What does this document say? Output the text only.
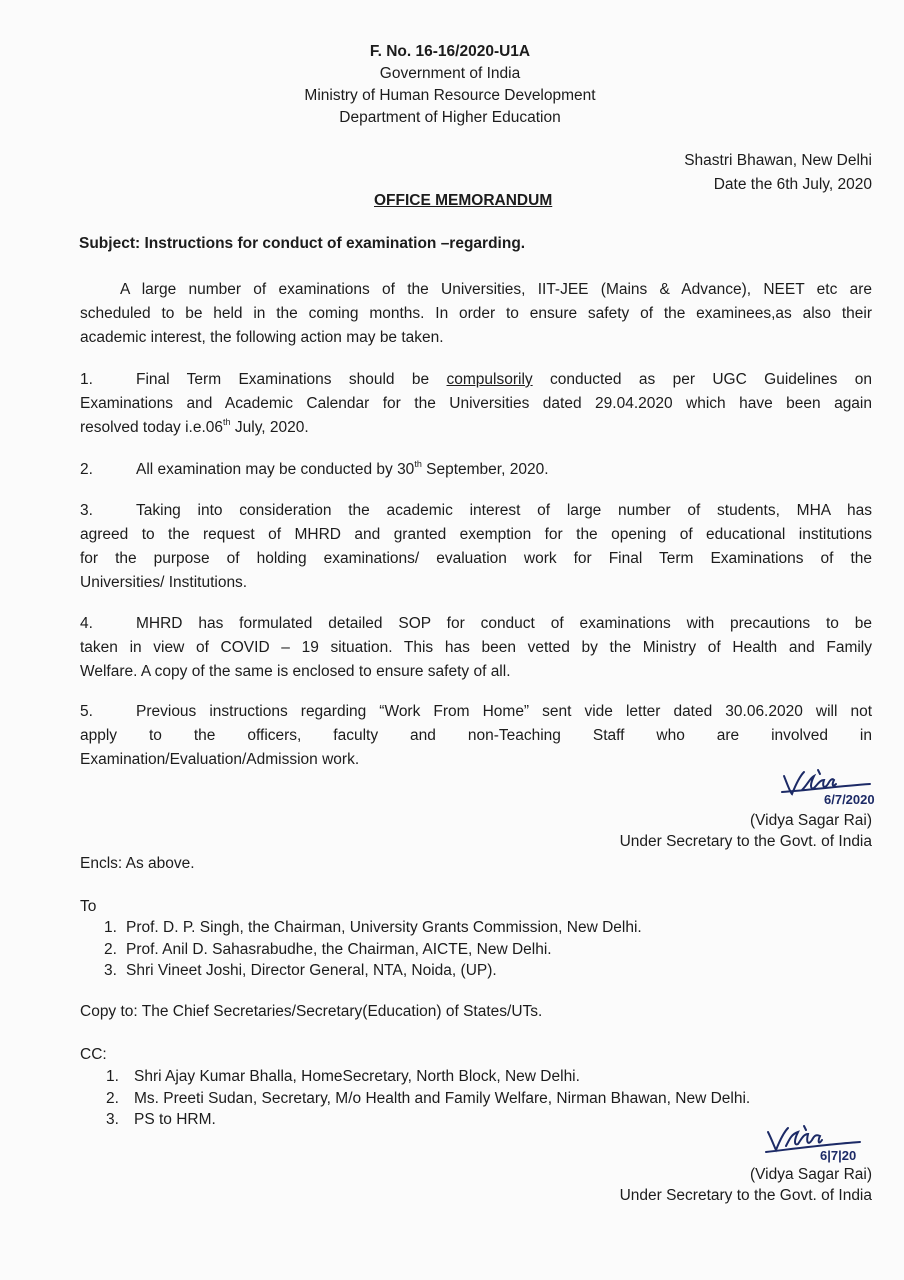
F. No. 16-16/2020-U1A
Government of India
Ministry of Human Resource Development
Department of Higher Education
Shastri Bhawan, New Delhi
Date the 6th July, 2020
OFFICE MEMORANDUM
Subject: Instructions for conduct of examination –regarding.
A large number of examinations of the Universities, IIT-JEE (Mains & Advance), NEET etc are
scheduled to be held in the coming months. In order to ensure safety of the examinees,as also their
academic interest, the following action may be taken.
1.	Final Term Examinations should be compulsorily conducted as per UGC Guidelines on
Examinations and Academic Calendar for the Universities dated 29.04.2020 which have been again
resolved today i.e.06th July, 2020.
2.	All examination may be conducted by 30th September, 2020.
3.	Taking into consideration the academic interest of large number of students, MHA has
agreed to the request of MHRD and granted exemption for the opening of educational institutions
for the purpose of holding examinations/ evaluation work for Final Term Examinations of the
Universities/ Institutions.
4.	MHRD has formulated detailed SOP for conduct of examinations with precautions to be
taken in view of COVID – 19 situation. This has been vetted by the Ministry of Health and Family
Welfare. A copy of the same is enclosed to ensure safety of all.
5.	Previous instructions regarding “Work From Home” sent vide letter dated 30.06.2020 will not
apply to the officers, faculty and non-Teaching Staff who are involved in
Examination/Evaluation/Admission work.
6/7/2020
(Vidya Sagar Rai)
Under Secretary to the Govt. of India
Encls: As above.
To
1. Prof. D. P. Singh, the Chairman, University Grants Commission, New Delhi.
2. Prof. Anil D. Sahasrabudhe, the Chairman, AICTE, New Delhi.
3. Shri Vineet Joshi, Director General, NTA, Noida, (UP).
Copy to: The Chief Secretaries/Secretary(Education) of States/UTs.
CC:
1. Shri Ajay Kumar Bhalla, HomeSecretary, North Block, New Delhi.
2. Ms. Preeti Sudan, Secretary, M/o Health and Family Welfare, Nirman Bhawan, New Delhi.
3. PS to HRM.
6|7|20
(Vidya Sagar Rai)
Under Secretary to the Govt. of India
